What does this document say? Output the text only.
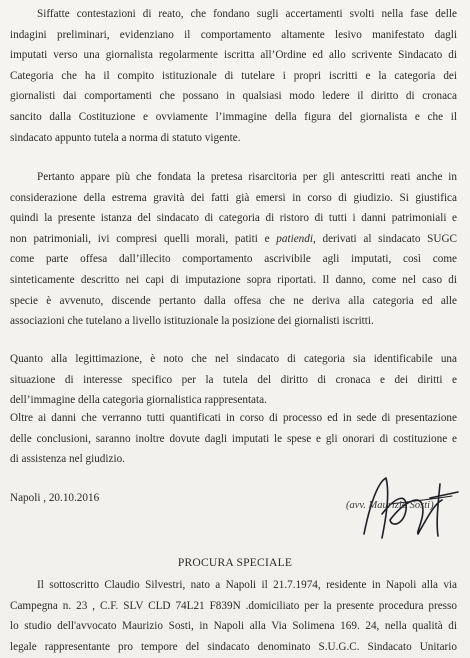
Siffatte contestazioni di reato, che fondano sugli accertamenti svolti nella fase delle
indagini preliminari, evidenziano il comportamento altamente lesivo manifestato dagli
imputati verso una giornalista regolarmente iscritta all’Ordine ed allo scrivente Sindacato di
Categoria che ha il compito istituzionale di tutelare i propri iscritti e la categoria dei
giornalisti dai comportamenti che possano in qualsiasi modo ledere il diritto di cronaca
sancito dalla Costituzione e ovviamente l’immagine della figura del giornalista e che il
sindacato appunto tutela a norma di statuto vigente.

Pertanto appare più che fondata la pretesa risarcitoria per gli antescritti reati anche in
considerazione della estrema gravità dei fatti già emersi in corso di giudizio. Si giustifica
quindi la presente istanza del sindacato di categoria di ristoro di tutti i danni patrimoniali e
non patrimoniali, ivi compresi quelli morali, patiti e patiendi, derivati al sindacato SUGC
come parte offesa dall’illecito comportamento ascrivibile agli imputati, così come
sinteticamente descritto nei capi di imputazione sopra riportati. Il danno, come nel caso di
specie è avvenuto, discende pertanto dalla offesa che ne deriva alla categoria ed alle
associazioni che tutelano a livello istituzionale la posizione dei giornalisti iscritti.

Quanto alla legittimazione, è noto che nel sindacato di categoria sia identificabile una
situazione di interesse specifico per la tutela del diritto di cronaca e dei diritti e
dell’immagine della categoria giornalistica rappresentata.

Oltre ai danni che verranno tutti quantificati in corso di processo ed in sede di presentazione
delle conclusioni, saranno inoltre dovute dagli imputati le spese e gli onorari di costituzione e
di assistenza nel giudizio.

Napoli , 20.10.2016
(avv. Maurizio Sosti)
PROCURA SPECIALE

Il sottoscritto Claudio Silvestri, nato a Napoli il 21.7.1974, residente in Napoli alla via
Campegna n. 23 , C.F. SLV CLD 74L21 F839N .domiciliato per la presente procedura presso
lo studio dell'avvocato Maurizio Sosti, in Napoli alla Via Solimena 169. 24, nella qualità di
legale rappresentante pro tempore del sindacato denominato S.U.G.C. Sindacato Unitario
